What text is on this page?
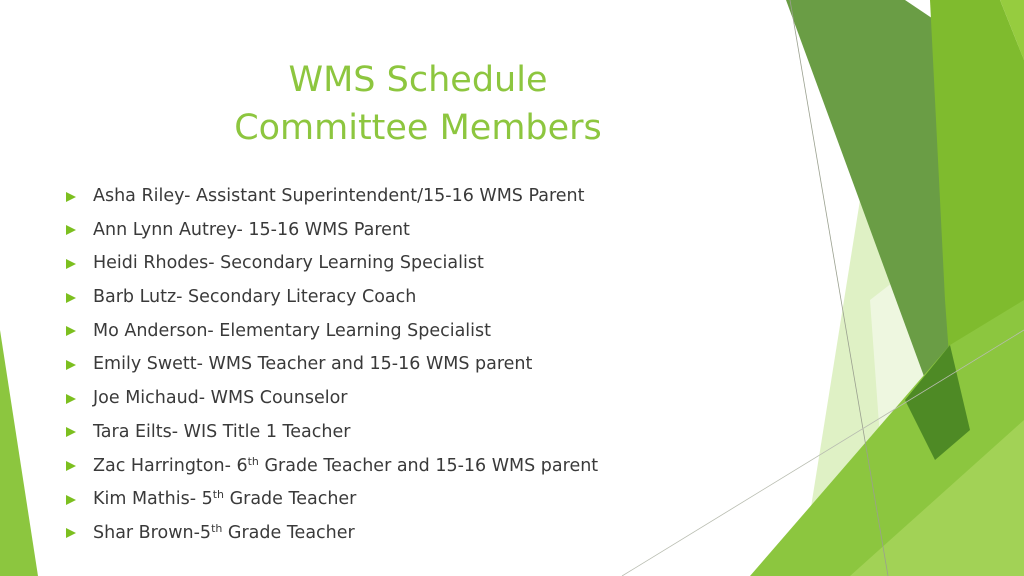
WMS Schedule
Committee Members
Asha Riley- Assistant Superintendent/15-16 WMS Parent
Ann Lynn Autrey- 15-16 WMS Parent
Heidi Rhodes- Secondary Learning Specialist
Barb Lutz- Secondary Literacy Coach
Mo Anderson- Elementary Learning Specialist
Emily Swett- WMS Teacher and 15-16 WMS parent
Joe Michaud- WMS Counselor
Tara Eilts- WIS Title 1 Teacher
Zac Harrington- 6th Grade Teacher and 15-16 WMS parent
Kim Mathis- 5th Grade Teacher
Shar Brown-5th Grade Teacher
